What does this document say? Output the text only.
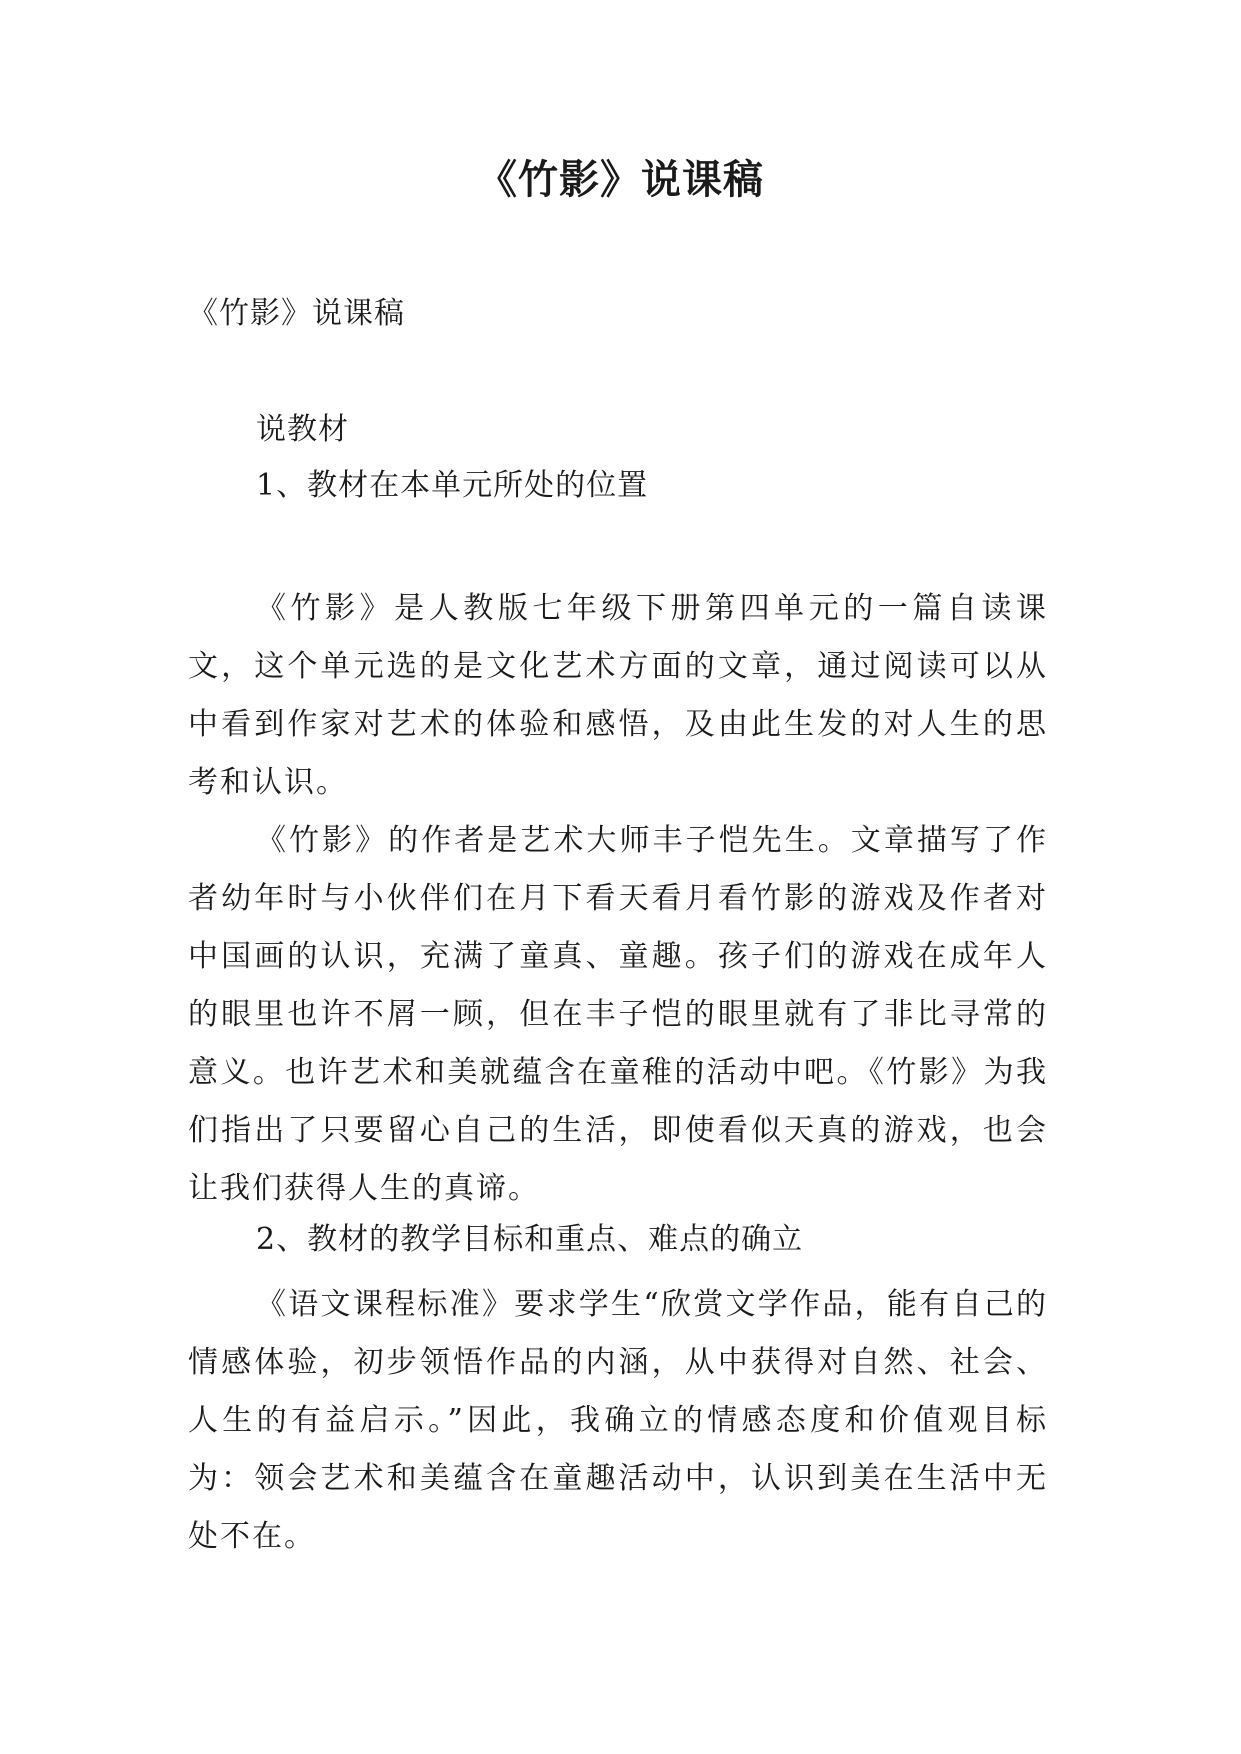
《竹影》说课稿
《竹影》说课稿
说教材
1、教材在本单元所处的位置
《竹影》是人教版七年级下册第四单元的一篇自读课文，这个单元选的是文化艺术方面的文章，通过阅读可以从中看到作家对艺术的体验和感悟，及由此生发的对人生的思考和认识。
《竹影》的作者是艺术大师丰子恺先生。文章描写了作者幼年时与小伙伴们在月下看天看月看竹影的游戏及作者对中国画的认识，充满了童真、童趣。孩子们的游戏在成年人的眼里也许不屑一顾，但在丰子恺的眼里就有了非比寻常的意义。也许艺术和美就蕴含在童稚的活动中吧。《竹影》为我们指出了只要留心自己的生活，即使看似天真的游戏，也会让我们获得人生的真谛。
2、教材的教学目标和重点、难点的确立
《语文课程标准》要求学生“欣赏文学作品，能有自己的情感体验，初步领悟作品的内涵，从中获得对自然、社会、人生的有益启示。”因此，我确立的情感态度和价值观目标为：领会艺术和美蕴含在童趣活动中，认识到美在生活中无处不在。
